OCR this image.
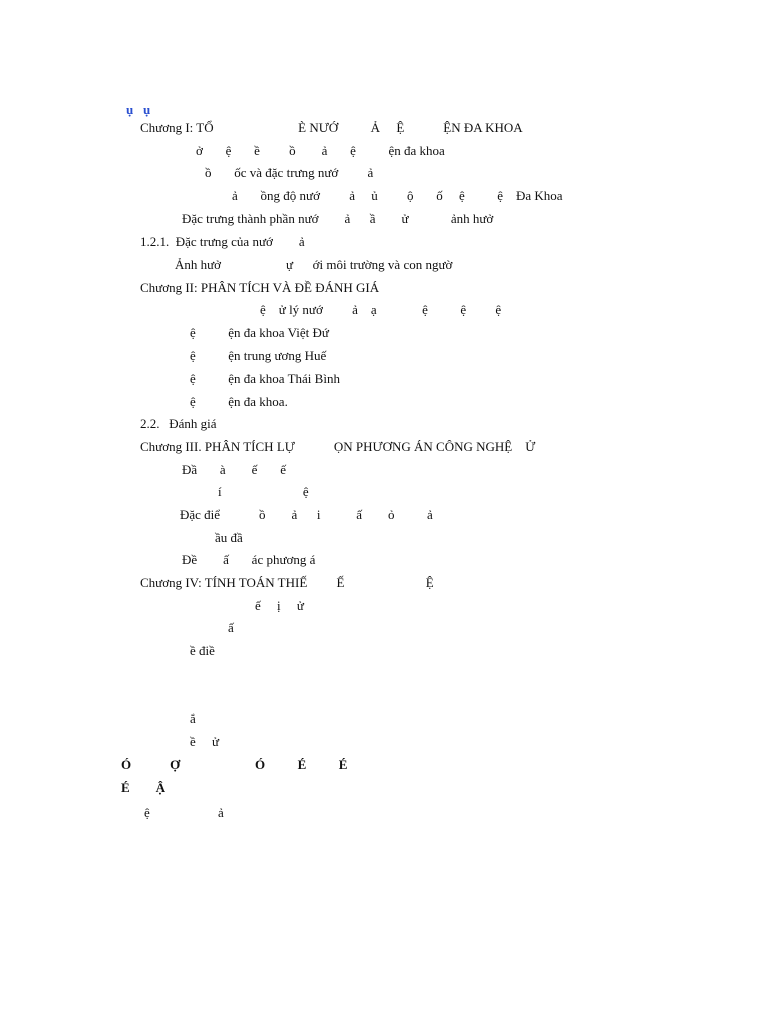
ụ   ụ
Chương I: TỔ                          È NƯỚ          Ả     Ệ            ỆN ĐA KHOA
ở       ệ       ề         ồ        ả       ệ          ện đa khoa
ồ       ốc và đặc trưng nướ         ả
ả       ồng độ nướ         ả     ủ         ộ       ố     ệ          ệ    Đa Khoa
Đặc trưng thành phần nướ        ả      ầ        ử             ảnh hưở
1.2.1.  Đặc trưng của nướ        ả
Ảnh hưở                    ự      ới môi trường và con ngườ
Chương II: PHÂN TÍCH VÀ ĐỀ ĐÁNH GIÁ
ệ    ử lý nướ         ả    ạ              ệ          ệ         ệ
ệ          ện đa khoa Việt Đứ
ệ          ện trung ương Huế
ệ          ện đa khoa Thái Bình
ệ          ện đa khoa.
2.2.   Đánh giá
Chương III. PHÂN TÍCH LỰ            ỌN PHƯƠNG ÁN CÔNG NGHỆ    Ử
Đầ       à        ế       ế
í                         ệ
Đặc điể            ồ        ả      i           ấ        ỏ          ả
ầu đầ
Đề        ấ       ác phương á
Chương IV: TÍNH TOÁN THIẾ         Ế                         Ệ
ế     ị     ử
ấ
ề điề
ắ
ề     ử
Ó            Ợ                       Ó          É          É
É        Ậ
ệ                     ả
